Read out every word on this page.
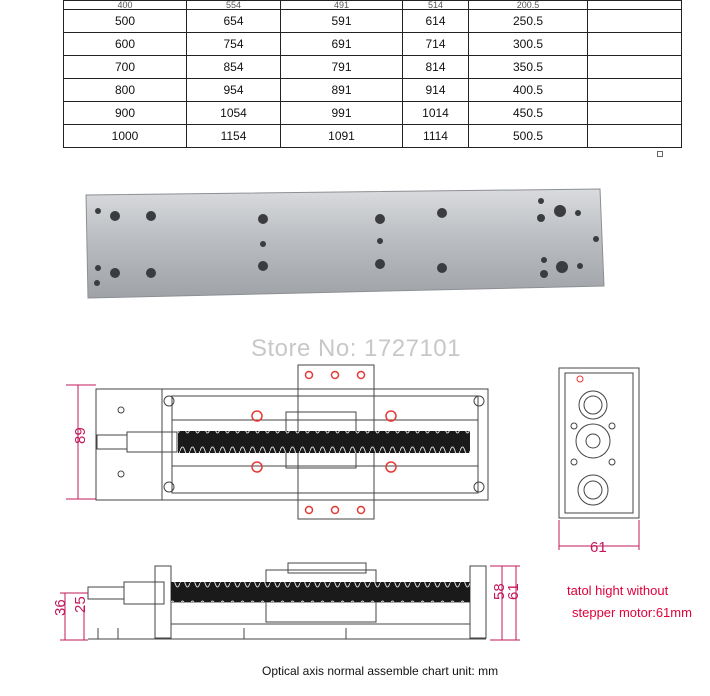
400	554	491	514	200.5	
500	654	591	614	250.5	
600	754	691	714	300.5	
700	854	791	814	350.5	
800	954	891	914	400.5	
900	1054	991	1014	450.5	
1000	1154	1091	1114	500.5	
89
61
36 25
58
61
Store No: 1727101
tatol hight without
stepper motor:61mm
Optical axis normal assemble chart unit: mm
